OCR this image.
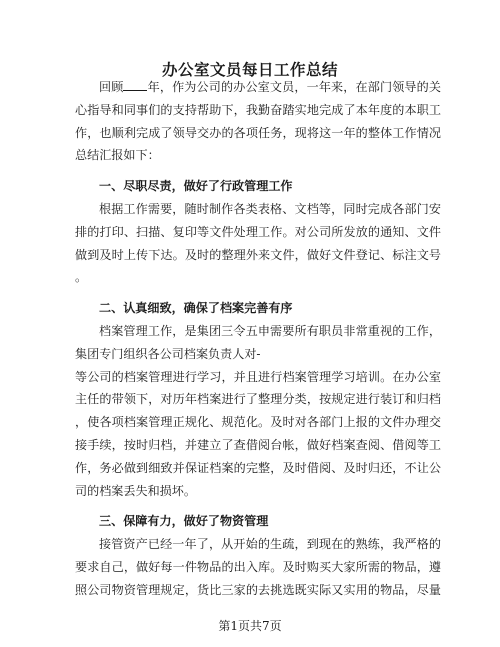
办公室文员每日工作总结
回顾 年，作为公司的办公室文员，一年来，在部门领导的关
心指导和同事们的支持帮助下，我勤奋踏实地完成了本年度的本职工
作，也顺利完成了领导交办的各项任务，现将这一年的整体工作情况
总结汇报如下：
一、尽职尽责，做好了行政管理工作
根据工作需要，随时制作各类表格、文档等，同时完成各部门安
排的打印、扫描、复印等文件处理工作。对公司所发放的通知、文件
做到及时上传下达。及时的整理外来文件，做好文件登记、标注文号
。
二、认真细致，确保了档案完善有序
档案管理工作，是集团三令五申需要所有职员非常重视的工作，
集团专门组织各公司档案负责人对-
等公司的档案管理进行学习，并且进行档案管理学习培训。在办公室
主任的带领下，对历年档案进行了整理分类，按规定进行装订和归档
，使各项档案管理正规化、规范化。及时对各部门上报的文件办理交
接手续，按时归档，并建立了查借阅台帐，做好档案查阅、借阅等工
作，务必做到细致并保证档案的完整，及时借阅、及时归还，不让公
司的档案丢失和损坏。
三、保障有力，做好了物资管理
接管资产已经一年了，从开始的生疏，到现在的熟练，我严格的
要求自己，做好每一件物品的出入库。及时购买大家所需的物品，遵
照公司物资管理规定，货比三家的去挑选既实际又实用的物品，尽量
第1页共7页
